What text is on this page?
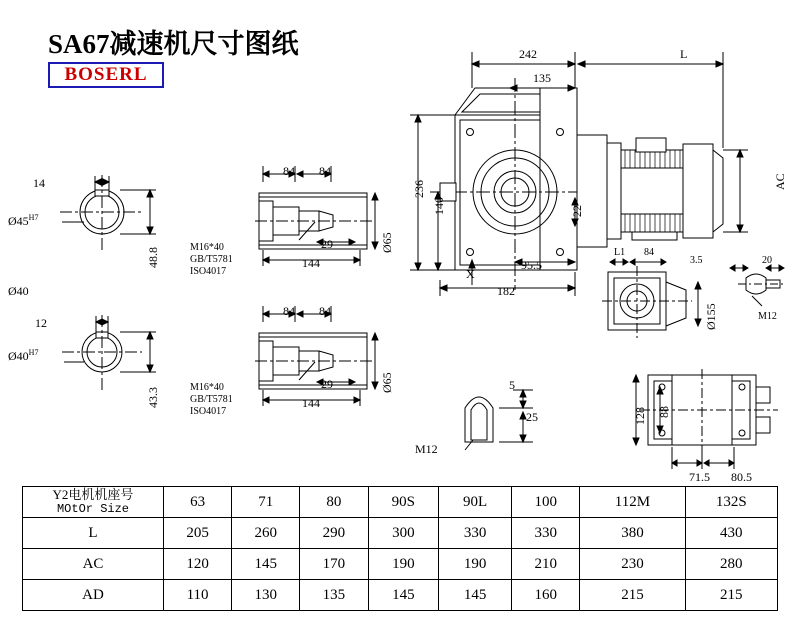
SA67减速机尺寸图纸
BOSERL
242	L
135
236
140	22
95.5
182
X
AC
14
48.8
$Ø45^{H7}$
Ø40
12
43.3
$Ø40^{H7}$
84 84
29
144
Ø65
M16*40
GB/T5781
ISO4017
84 84
29
144
Ø65
M16*40
GB/T5781
ISO4017
L1 84
Ø155
3.5	20
M12
128 88
71.5 80.5
5
25
M12
Y2电机机座号
MOtOr Size	63	71	80	90S	90L	100	112M	132S
L	205	260	290	300	330	330	380	430
AC	120	145	170	190	190	210	230	280
AD	110	130	135	145	145	160	215	215
